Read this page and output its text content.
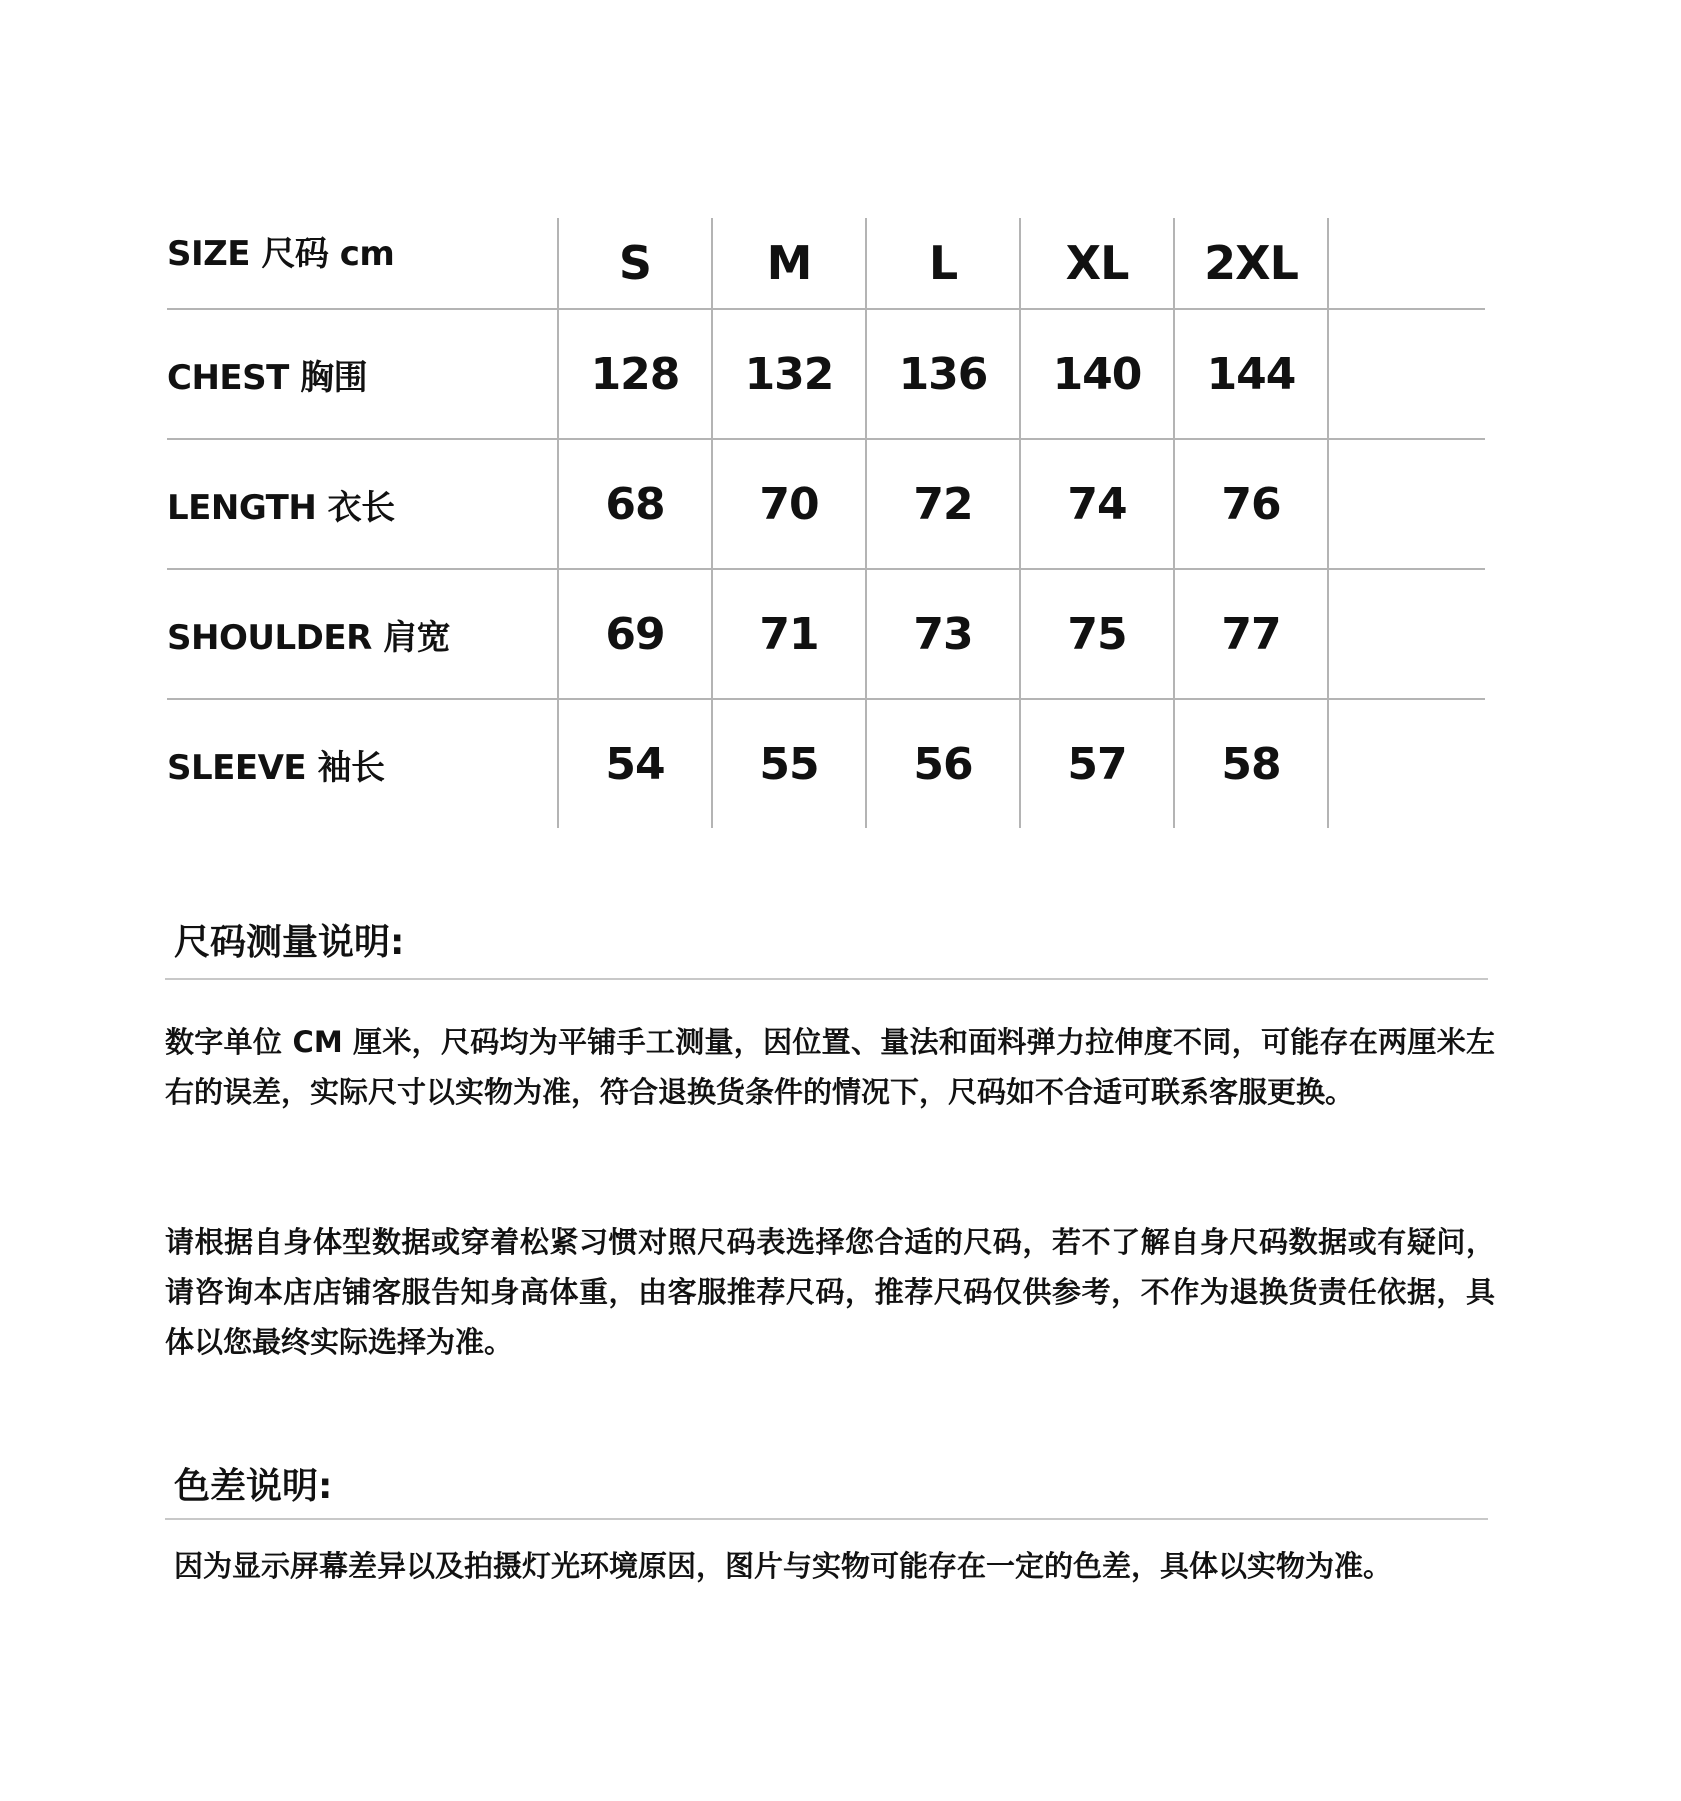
SIZE 尺码 cm	S	M	L	XL	2XL
CHEST 胸围	128	132	136	140	144
LENGTH 衣长	68	70	72	74	76
SHOULDER 肩宽	69	71	73	75	77
SLEEVE 袖长	54	55	56	57	58
尺码测量说明:
数字单位 CM 厘米，尺码均为平铺手工测量，因位置、量法和面料弹力拉伸度不同，可能存在两厘米左右的误差，实际尺寸以实物为准，符合退换货条件的情况下，尺码如不合适可联系客服更换。
请根据自身体型数据或穿着松紧习惯对照尺码表选择您合适的尺码，若不了解自身尺码数据或有疑问，请咨询本店店铺客服告知身高体重，由客服推荐尺码，推荐尺码仅供参考，不作为退换货责任依据，具体以您最终实际选择为准。
色差说明:
因为显示屏幕差异以及拍摄灯光环境原因，图片与实物可能存在一定的色差，具体以实物为准。
